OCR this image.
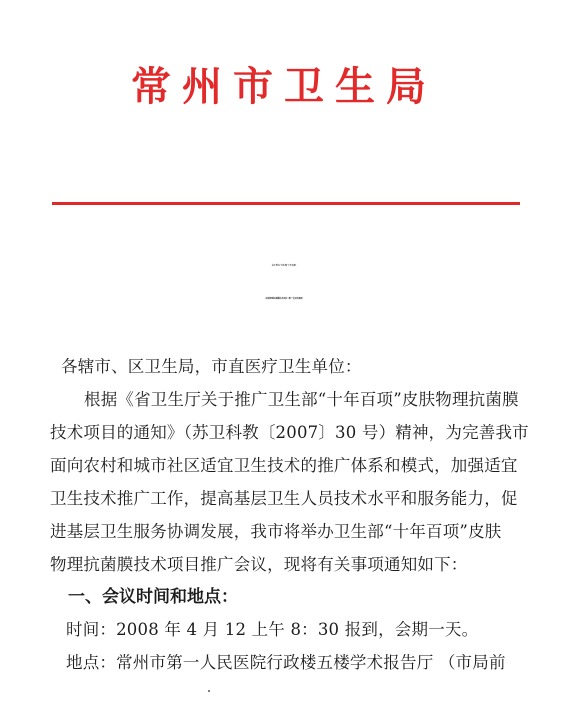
常州市卫生局
关于举办“卫生部‘十年百项’
皮肤物理抗菌膜技术项目”推广会议的通知
各辖市、区卫生局，市直医疗卫生单位：
根据《省卫生厅关于推广卫生部“十年百项”皮肤物理抗菌膜
技术项目的通知》（苏卫科教〔2007〕30 号）精神，为完善我市
面向农村和城市社区适宜卫生技术的推广体系和模式，加强适宜
卫生技术推广工作，提高基层卫生人员技术水平和服务能力，促
进基层卫生服务协调发展，我市将举办卫生部“十年百项”皮肤
物理抗菌膜技术项目推广会议，现将有关事项通知如下：
一、会议时间和地点：
时间：2008 年 4 月 12 上午 8：30 报到，会期一天。
地点：常州市第一人民医院行政楼五楼学术报告厅 （市局前
